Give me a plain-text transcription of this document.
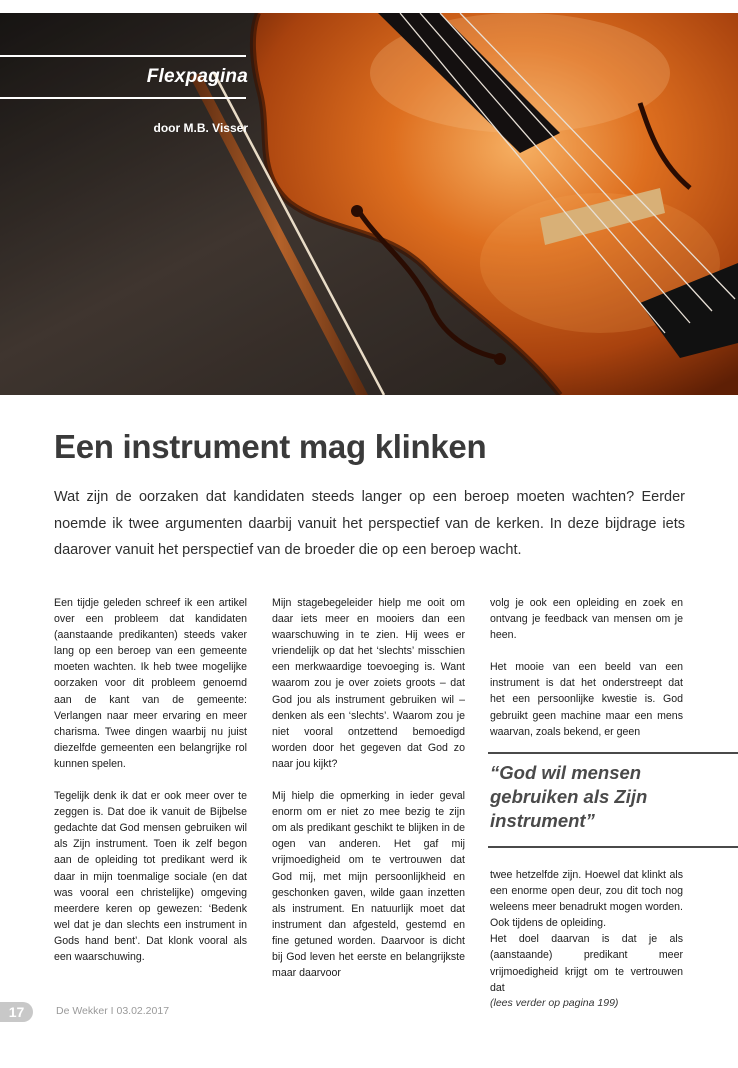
Flexpagina
door M.B. Visser
Een instrument mag klinken

Wat zijn de oorzaken dat kandidaten steeds langer op een beroep moeten wachten? Eerder noemde ik twee argumenten daarbij vanuit het perspectief van de kerken. In deze bijdrage iets daarover vanuit het perspectief van de broeder die op een beroep wacht.

Een tijdje geleden schreef ik een artikel over een probleem dat kandidaten (aanstaande predikanten) steeds vaker lang op een beroep van een gemeente moeten wachten. Ik heb twee mogelijke oorzaken voor dit probleem genoemd aan de kant van de gemeente: Verlangen naar meer ervaring en meer charisma. Twee dingen waarbij nu juist diezelfde gemeenten een belangrijke rol kunnen spelen.

Tegelijk denk ik dat er ook meer over te zeggen is. Dat doe ik vanuit de Bijbelse gedachte dat God mensen gebruiken wil als Zijn instrument. Toen ik zelf begon aan de opleiding tot predikant werd ik daar in mijn toenmalige sociale (en dat was vooral een christelijke) omgeving meerdere keren op gewezen: ‘Bedenk wel dat je dan slechts een instrument in Gods hand bent’. Dat klonk vooral als een waarschuwing.

Mijn stagebegeleider hielp me ooit om daar iets meer en mooiers dan een waarschuwing in te zien. Hij wees er vriendelijk op dat het ‘slechts’ misschien een merkwaardige toevoeging is. Want waarom zou je over zoiets groots – dat God jou als instrument gebruiken wil – denken als een ‘slechts’. Waarom zou je niet vooral ontzettend bemoedigd worden door het gegeven dat God zo naar jou kijkt?

Mij hielp die opmerking in ieder geval enorm om er niet zo mee bezig te zijn om als predikant geschikt te blijken in de ogen van anderen. Het gaf mij vrijmoedigheid om te vertrouwen dat God mij, met mijn persoonlijkheid en geschonken gaven, wilde gaan inzetten als instrument. En natuurlijk moet dat instrument dan afgesteld, gestemd en fine getuned worden. Daarvoor is dicht bij God leven het eerste en belangrijkste maar daarvoor

volg je ook een opleiding en zoek en ontvang je feedback van mensen om je heen.

Het mooie van een beeld van een instrument is dat het onderstreept dat het een persoonlijke kwestie is. God gebruikt geen machine maar een mens waarvan, zoals bekend, er geen

“God wil mensen gebruiken als Zijn instrument”

twee hetzelfde zijn. Hoewel dat klinkt als een enorme open deur, zou dit toch nog weleens meer benadrukt mogen worden. Ook tijdens de opleiding.

Het doel daarvan is dat je als (aanstaande) predikant meer vrijmoedigheid krijgt om te vertrouwen dat

(lees verder op pagina 199)
17	De Wekker I 03.02.2017
